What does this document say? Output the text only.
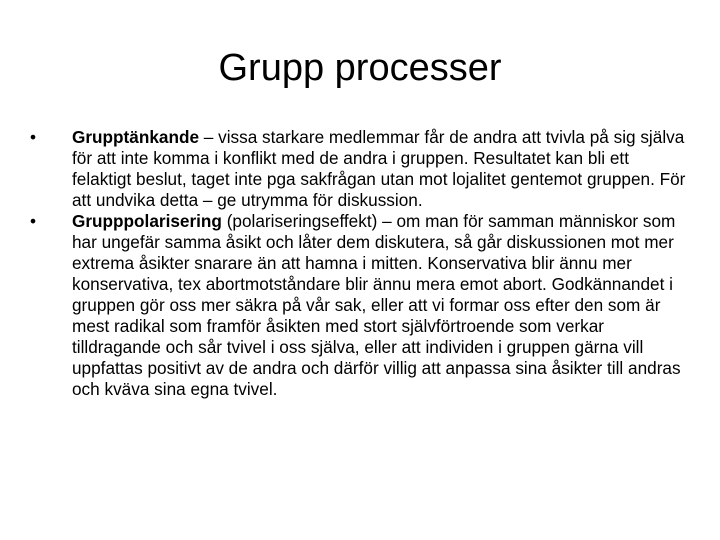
Grupp processer
•	Grupptänkande – vissa starkare medlemmar får de andra att tvivla på sig själva för att inte komma i konflikt med de andra i gruppen. Resultatet kan bli ett felaktigt beslut, taget inte pga sakfrågan utan mot lojalitet gentemot gruppen. För att undvika detta – ge utrymma för diskussion.
•	Grupppolarisering (polariseringseffekt) – om man för samman människor som har ungefär samma åsikt och låter dem diskutera, så går diskussionen mot mer extrema åsikter snarare än att hamna i mitten. Konservativa blir ännu mer konservativa, tex abortmotståndare blir ännu mera emot abort. Godkännandet i gruppen gör oss mer säkra på vår sak, eller att vi formar oss efter den som är mest radikal som framför åsikten med stort självförtroende som verkar tilldragande och sår tvivel i oss själva, eller att individen i gruppen gärna vill uppfattas positivt av de andra och därför villig att anpassa sina åsikter till andras och kväva sina egna tvivel.
